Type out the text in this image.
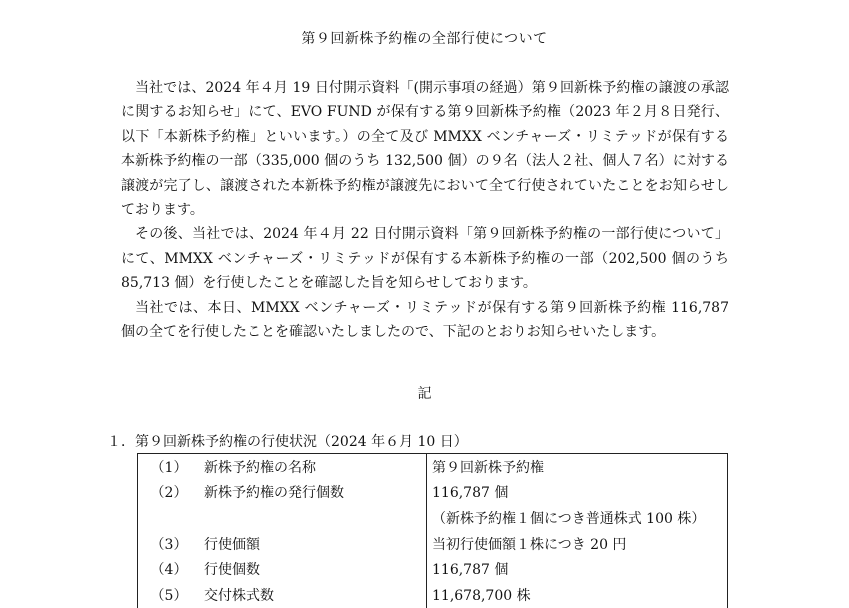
第９回新株予約権の全部行使について

当社では、2024 年４月 19 日付開示資料「(開示事項の経過）第９回新株予約権の譲渡の承認に関するお知らせ」にて、EVO FUND が保有する第９回新株予約権（2023 年２月８日発行、以下「本新株予約権」といいます。）の全て及び MMXX ベンチャーズ・リミテッドが保有する本新株予約権の一部（335,000 個のうち 132,500 個）の９名（法人２社、個人７名）に対する譲渡が完了し、譲渡された本新株予約権が譲渡先において全て行使されていたことをお知らせしております。

その後、当社では、2024 年４月 22 日付開示資料「第９回新株予約権の一部行使について」にて、MMXX ベンチャーズ・リミテッドが保有する本新株予約権の一部（202,500 個のうち 85,713 個）を行使したことを確認した旨を知らせしております。

当社では、本日、MMXX ベンチャーズ・リミテッドが保有する第９回新株予約権 116,787 個の全てを行使したことを確認いたしましたので、下記のとおりお知らせいたします。

記
１．第９回新株予約権の行使状況（2024 年６月 10 日）
（1）	新株予約権の名称	第９回新株予約権
（2）	新株予約権の発行個数	116,787 個
		（新株予約権１個につき普通株式 100 株）
（3）	行使価額	当初行使価額１株につき 20 円
（4）	行使個数	116,787 個
（5）	交付株式数	11,678,700 株
